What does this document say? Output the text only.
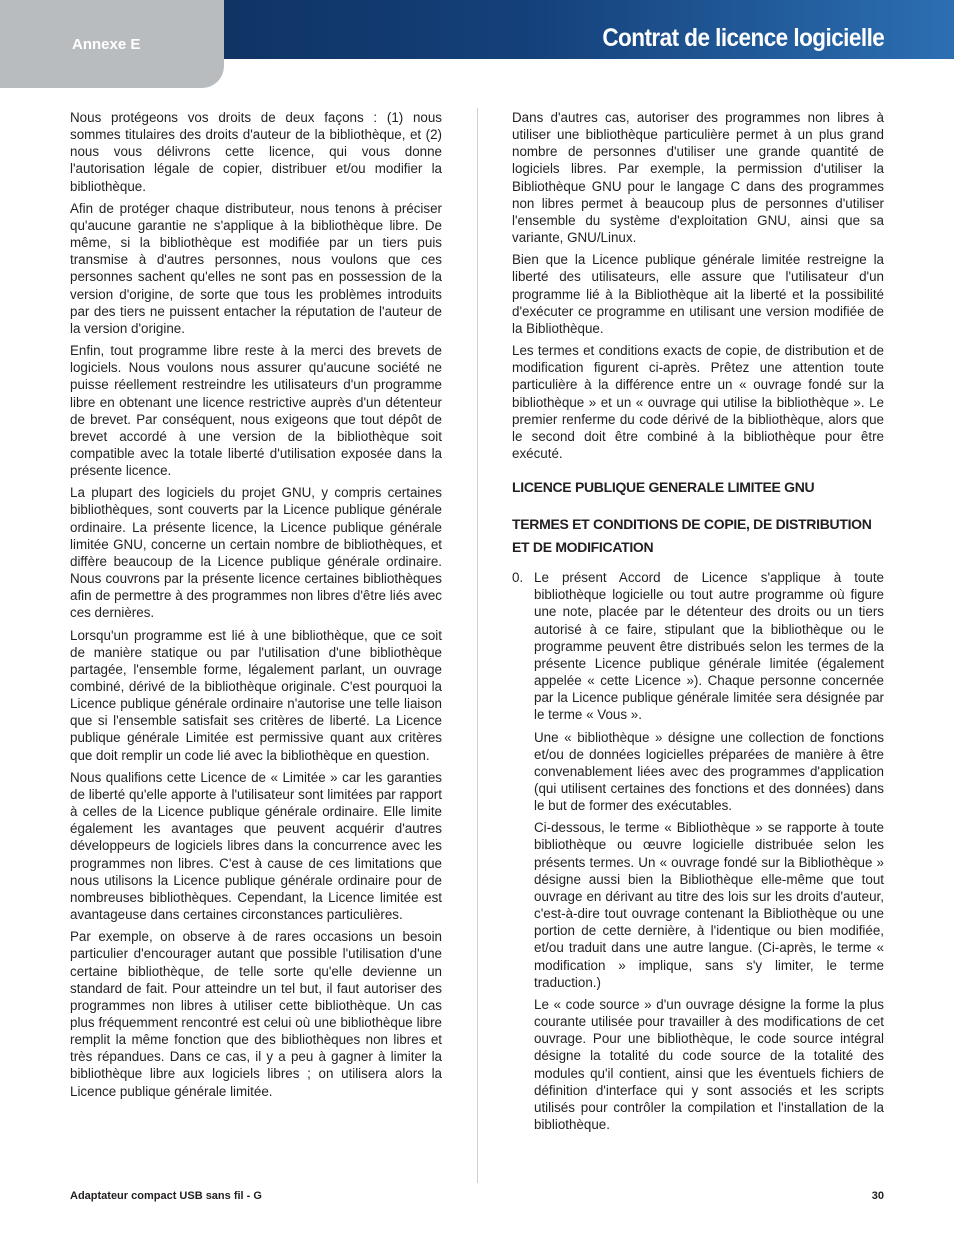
Annexe E	Contrat de licence logicielle

Nous protégeons vos droits de deux façons : (1) nous sommes titulaires des droits d'auteur de la bibliothèque, et (2) nous vous délivrons cette licence, qui vous donne l'autorisation légale de copier, distribuer et/ou modifier la bibliothèque.

Afin de protéger chaque distributeur, nous tenons à préciser qu'aucune garantie ne s'applique à la bibliothèque libre. De même, si la bibliothèque est modifiée par un tiers puis transmise à d'autres personnes, nous voulons que ces personnes sachent qu'elles ne sont pas en possession de la version d'origine, de sorte que tous les problèmes introduits par des tiers ne puissent entacher la réputation de l'auteur de la version d'origine.

Enfin, tout programme libre reste à la merci des brevets de logiciels. Nous voulons nous assurer qu'aucune société ne puisse réellement restreindre les utilisateurs d'un programme libre en obtenant une licence restrictive auprès d'un détenteur de brevet. Par conséquent, nous exigeons que tout dépôt de brevet accordé à une version de la bibliothèque soit compatible avec la totale liberté d'utilisation exposée dans la présente licence.

La plupart des logiciels du projet GNU, y compris certaines bibliothèques, sont couverts par la Licence publique générale ordinaire. La présente licence, la Licence publique générale limitée GNU, concerne un certain nombre de bibliothèques, et diffère beaucoup de la Licence publique générale ordinaire. Nous couvrons par la présente licence certaines bibliothèques afin de permettre à des programmes non libres d'être liés avec ces dernières.

Lorsqu'un programme est lié à une bibliothèque, que ce soit de manière statique ou par l'utilisation d'une bibliothèque partagée, l'ensemble forme, légalement parlant, un ouvrage combiné, dérivé de la bibliothèque originale. C'est pourquoi la Licence publique générale ordinaire n'autorise une telle liaison que si l'ensemble satisfait ses critères de liberté. La Licence publique générale Limitée est permissive quant aux critères que doit remplir un code lié avec la bibliothèque en question.

Nous qualifions cette Licence de « Limitée » car les garanties de liberté qu'elle apporte à l'utilisateur sont limitées par rapport à celles de la Licence publique générale ordinaire. Elle limite également les avantages que peuvent acquérir d'autres développeurs de logiciels libres dans la concurrence avec les programmes non libres. C'est à cause de ces limitations que nous utilisons la Licence publique générale ordinaire pour de nombreuses bibliothèques. Cependant, la Licence limitée est avantageuse dans certaines circonstances particulières.

Par exemple, on observe à de rares occasions un besoin particulier d'encourager autant que possible l'utilisation d'une certaine bibliothèque, de telle sorte qu'elle devienne un standard de fait. Pour atteindre un tel but, il faut autoriser des programmes non libres à utiliser cette bibliothèque. Un cas plus fréquemment rencontré est celui où une bibliothèque libre remplit la même fonction que des bibliothèques non libres et très répandues. Dans ce cas, il y a peu à gagner à limiter la bibliothèque libre aux logiciels libres ; on utilisera alors la Licence publique générale limitée.

Dans d'autres cas, autoriser des programmes non libres à utiliser une bibliothèque particulière permet à un plus grand nombre de personnes d'utiliser une grande quantité de logiciels libres. Par exemple, la permission d'utiliser la Bibliothèque GNU pour le langage C dans des programmes non libres permet à beaucoup plus de personnes d'utiliser l'ensemble du système d'exploitation GNU, ainsi que sa variante, GNU/Linux.

Bien que la Licence publique générale limitée restreigne la liberté des utilisateurs, elle assure que l'utilisateur d'un programme lié à la Bibliothèque ait la liberté et la possibilité d'exécuter ce programme en utilisant une version modifiée de la Bibliothèque.

Les termes et conditions exacts de copie, de distribution et de modification figurent ci-après. Prêtez une attention toute particulière à la différence entre un « ouvrage fondé sur la bibliothèque » et un « ouvrage qui utilise la bibliothèque ». Le premier renferme du code dérivé de la bibliothèque, alors que le second doit être combiné à la bibliothèque pour être exécuté.

LICENCE PUBLIQUE GENERALE LIMITEE GNU
TERMES ET CONDITIONS DE COPIE, DE DISTRIBUTION ET DE MODIFICATION
0. Le présent Accord de Licence s'applique à toute bibliothèque logicielle ou tout autre programme où figure une note, placée par le détenteur des droits ou un tiers autorisé à ce faire, stipulant que la bibliothèque ou le programme peuvent être distribués selon les termes de la présente Licence publique générale limitée (également appelée « cette Licence »). Chaque personne concernée par la Licence publique générale limitée sera désignée par le terme « Vous ».

Une « bibliothèque » désigne une collection de fonctions et/ou de données logicielles préparées de manière à être convenablement liées avec des programmes d'application (qui utilisent certaines des fonctions et des données) dans le but de former des exécutables.

Ci-dessous, le terme « Bibliothèque » se rapporte à toute bibliothèque ou œuvre logicielle distribuée selon les présents termes. Un « ouvrage fondé sur la Bibliothèque » désigne aussi bien la Bibliothèque elle-même que tout ouvrage en dérivant au titre des lois sur les droits d'auteur, c'est-à-dire tout ouvrage contenant la Bibliothèque ou une portion de cette dernière, à l'identique ou bien modifiée, et/ou traduit dans une autre langue. (Ci-après, le terme « modification » implique, sans s'y limiter, le terme traduction.)

Le « code source » d'un ouvrage désigne la forme la plus courante utilisée pour travailler à des modifications de cet ouvrage. Pour une bibliothèque, le code source intégral désigne la totalité du code source de la totalité des modules qu'il contient, ainsi que les éventuels fichiers de définition d'interface qui y sont associés et les scripts utilisés pour contrôler la compilation et l'installation de la bibliothèque.

Adaptateur compact USB sans fil - G	30
